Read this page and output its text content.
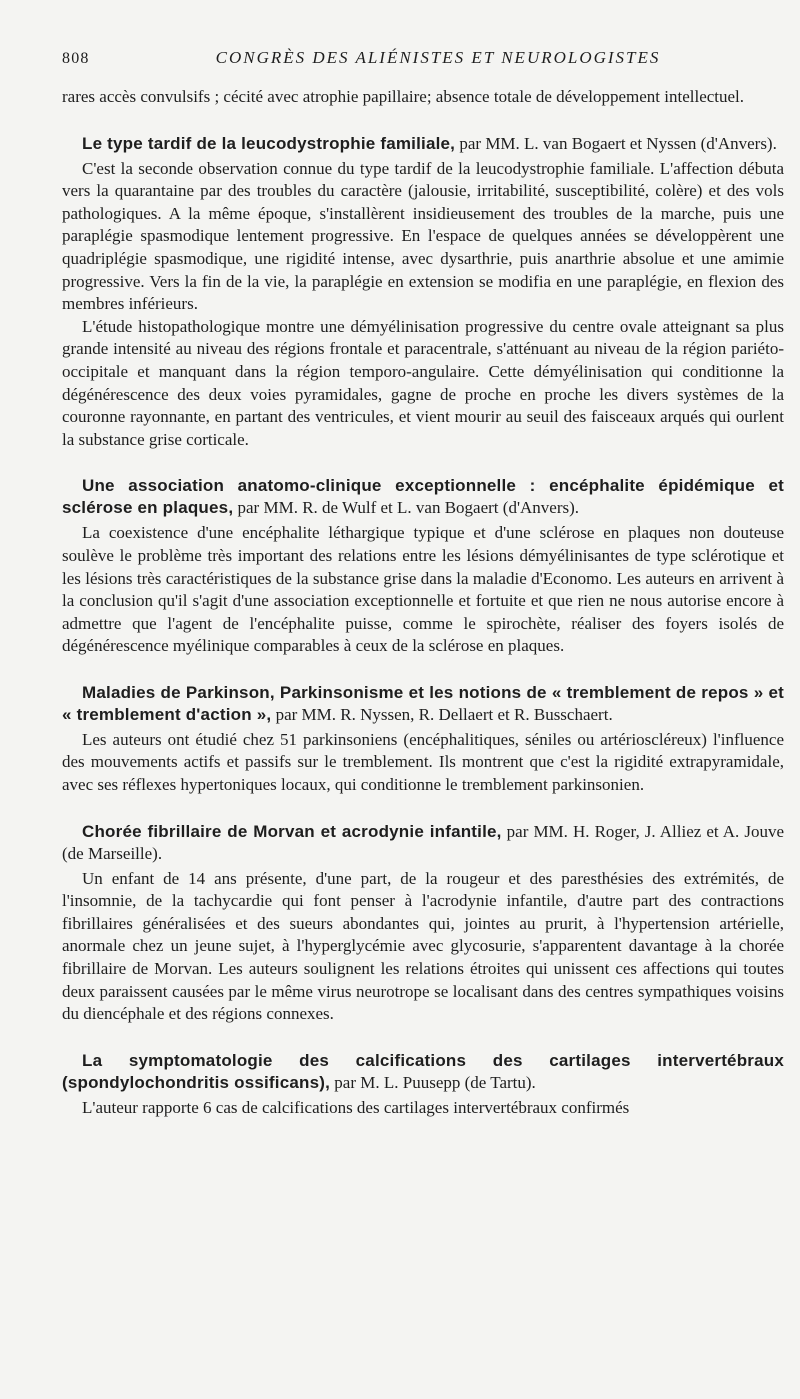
808	CONGRÈS DES ALIÉNISTES ET NEUROLOGISTES

rares accès convulsifs ; cécité avec atrophie papillaire; absence totale de développement intellectuel.

Le type tardif de la leucodystrophie familiale, par MM. L. van Bogaert et Nyssen (d'Anvers).

C'est la seconde observation connue du type tardif de la leucodystrophie familiale. L'affection débuta vers la quarantaine par des troubles du caractère (jalousie, irritabilité, susceptibilité, colère) et des vols pathologiques. A la même époque, s'installèrent insidieusement des troubles de la marche, puis une paraplégie spasmodique lentement progressive. En l'espace de quelques années se développèrent une quadriplégie spasmodique, une rigidité intense, avec dysarthrie, puis anarthrie absolue et une amimie progressive. Vers la fin de la vie, la paraplégie en extension se modifia en une paraplégie, en flexion des membres inférieurs.

L'étude histopathologique montre une démyélinisation progressive du centre ovale atteignant sa plus grande intensité au niveau des régions frontale et paracentrale, s'atténuant au niveau de la région pariéto-occipitale et manquant dans la région temporo-angulaire. Cette démyélinisation qui conditionne la dégénérescence des deux voies pyramidales, gagne de proche en proche les divers systèmes de la couronne rayonnante, en partant des ventricules, et vient mourir au seuil des faisceaux arqués qui ourlent la substance grise corticale.

Une association anatomo-clinique exceptionnelle : encéphalite épidémique et sclérose en plaques, par MM. R. de Wulf et L. van Bogaert (d'Anvers).

La coexistence d'une encéphalite léthargique typique et d'une sclérose en plaques non douteuse soulève le problème très important des relations entre les lésions démyélinisantes de type sclérotique et les lésions très caractéristiques de la substance grise dans la maladie d'Economo. Les auteurs en arrivent à la conclusion qu'il s'agit d'une association exceptionnelle et fortuite et que rien ne nous autorise encore à admettre que l'agent de l'encéphalite puisse, comme le spirochète, réaliser des foyers isolés de dégénérescence myélinique comparables à ceux de la sclérose en plaques.

Maladies de Parkinson, Parkinsonisme et les notions de « tremblement de repos » et « tremblement d'action », par MM. R. Nyssen, R. Dellaert et R. Busschaert.

Les auteurs ont étudié chez 51 parkinsoniens (encéphalitiques, séniles ou artérioscléreux) l'influence des mouvements actifs et passifs sur le tremblement. Ils montrent que c'est la rigidité extrapyramidale, avec ses réflexes hypertoniques locaux, qui conditionne le tremblement parkinsonien.

Chorée fibrillaire de Morvan et acrodynie infantile, par MM. H. Roger, J. Alliez et A. Jouve (de Marseille).

Un enfant de 14 ans présente, d'une part, de la rougeur et des paresthésies des extrémités, de l'insomnie, de la tachycardie qui font penser à l'acrodynie infantile, d'autre part des contractions fibrillaires généralisées et des sueurs abondantes qui, jointes au prurit, à l'hypertension artérielle, anormale chez un jeune sujet, à l'hyperglycémie avec glycosurie, s'apparentent davantage à la chorée fibrillaire de Morvan. Les auteurs soulignent les relations étroites qui unissent ces affections qui toutes deux paraissent causées par le même virus neurotrope se localisant dans des centres sympathiques voisins du diencéphale et des régions connexes.

La symptomatologie des calcifications des cartilages intervertébraux (spondylochondritis ossificans), par M. L. Puusepp (de Tartu).

L'auteur rapporte 6 cas de calcifications des cartilages intervertébraux confirmés
